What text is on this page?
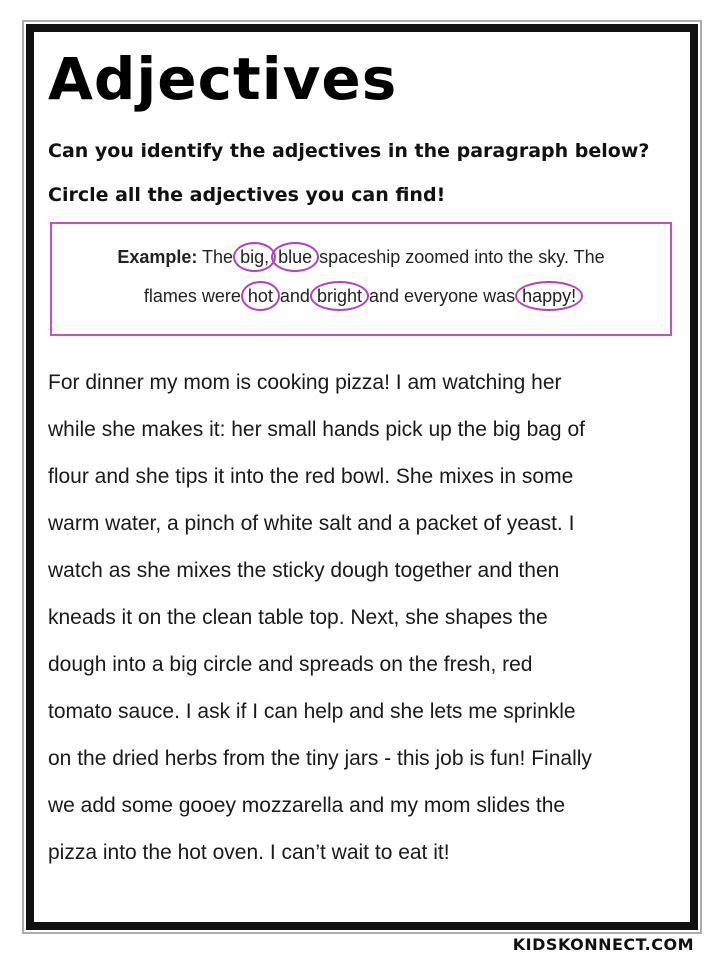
Adjectives

Can you identify the adjectives in the paragraph below?

Circle all the adjectives you can find!

Example: The big, blue spaceship zoomed into the sky. The
flames were hot and bright and everyone was happy!
For dinner my mom is cooking pizza! I am watching her
while she makes it: her small hands pick up the big bag of
flour and she tips it into the red bowl. She mixes in some
warm water, a pinch of white salt and a packet of yeast. I
watch as she mixes the sticky dough together and then
kneads it on the clean table top. Next, she shapes the
dough into a big circle and spreads on the fresh, red
tomato sauce. I ask if I can help and she lets me sprinkle
on the dried herbs from the tiny jars - this job is fun! Finally
we add some gooey mozzarella and my mom slides the
pizza into the hot oven. I can’t wait to eat it!

KIDSKONNECT.COM
